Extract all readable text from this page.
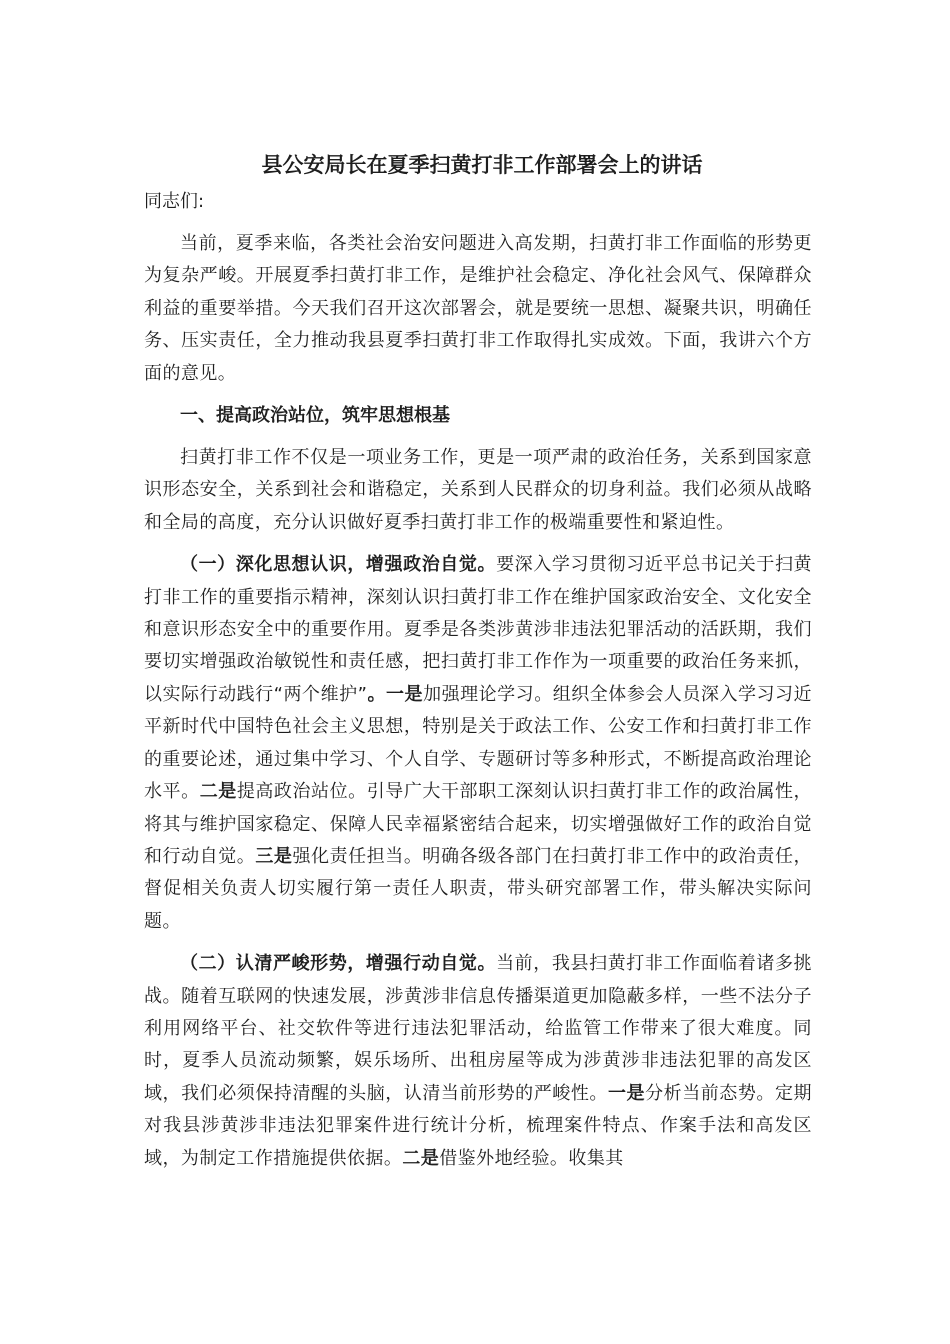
县公安局长在夏季扫黄打非工作部署会上的讲话

同志们:

当前，夏季来临，各类社会治安问题进入高发期，扫黄打非工作面临的形势更为复杂严峻。开展夏季扫黄打非工作，是维护社会稳定、净化社会风气、保障群众利益的重要举措。今天我们召开这次部署会，就是要统一思想、凝聚共识，明确任务、压实责任，全力推动我县夏季扫黄打非工作取得扎实成效。下面，我讲六个方面的意见。

一、提高政治站位，筑牢思想根基

扫黄打非工作不仅是一项业务工作，更是一项严肃的政治任务，关系到国家意识形态安全，关系到社会和谐稳定，关系到人民群众的切身利益。我们必须从战略和全局的高度，充分认识做好夏季扫黄打非工作的极端重要性和紧迫性。

（一）深化思想认识，增强政治自觉。要深入学习贯彻习近平总书记关于扫黄打非工作的重要指示精神，深刻认识扫黄打非工作在维护国家政治安全、文化安全和意识形态安全中的重要作用。夏季是各类涉黄涉非违法犯罪活动的活跃期，我们要切实增强政治敏锐性和责任感，把扫黄打非工作作为一项重要的政治任务来抓，以实际行动践行“两个维护”。一是加强理论学习。组织全体参会人员深入学习习近平新时代中国特色社会主义思想，特别是关于政法工作、公安工作和扫黄打非工作的重要论述，通过集中学习、个人自学、专题研讨等多种形式，不断提高政治理论水平。二是提高政治站位。引导广大干部职工深刻认识扫黄打非工作的政治属性，将其与维护国家稳定、保障人民幸福紧密结合起来，切实增强做好工作的政治自觉和行动自觉。三是强化责任担当。明确各级各部门在扫黄打非工作中的政治责任，督促相关负责人切实履行第一责任人职责，带头研究部署工作，带头解决实际问题。

（二）认清严峻形势，增强行动自觉。当前，我县扫黄打非工作面临着诸多挑战。随着互联网的快速发展，涉黄涉非信息传播渠道更加隐蔽多样，一些不法分子利用网络平台、社交软件等进行违法犯罪活动，给监管工作带来了很大难度。同时，夏季人员流动频繁，娱乐场所、出租房屋等成为涉黄涉非违法犯罪的高发区域，我们必须保持清醒的头脑，认清当前形势的严峻性。一是分析当前态势。定期对我县涉黄涉非违法犯罪案件进行统计分析，梳理案件特点、作案手法和高发区域，为制定工作措施提供依据。二是借鉴外地经验。收集其
